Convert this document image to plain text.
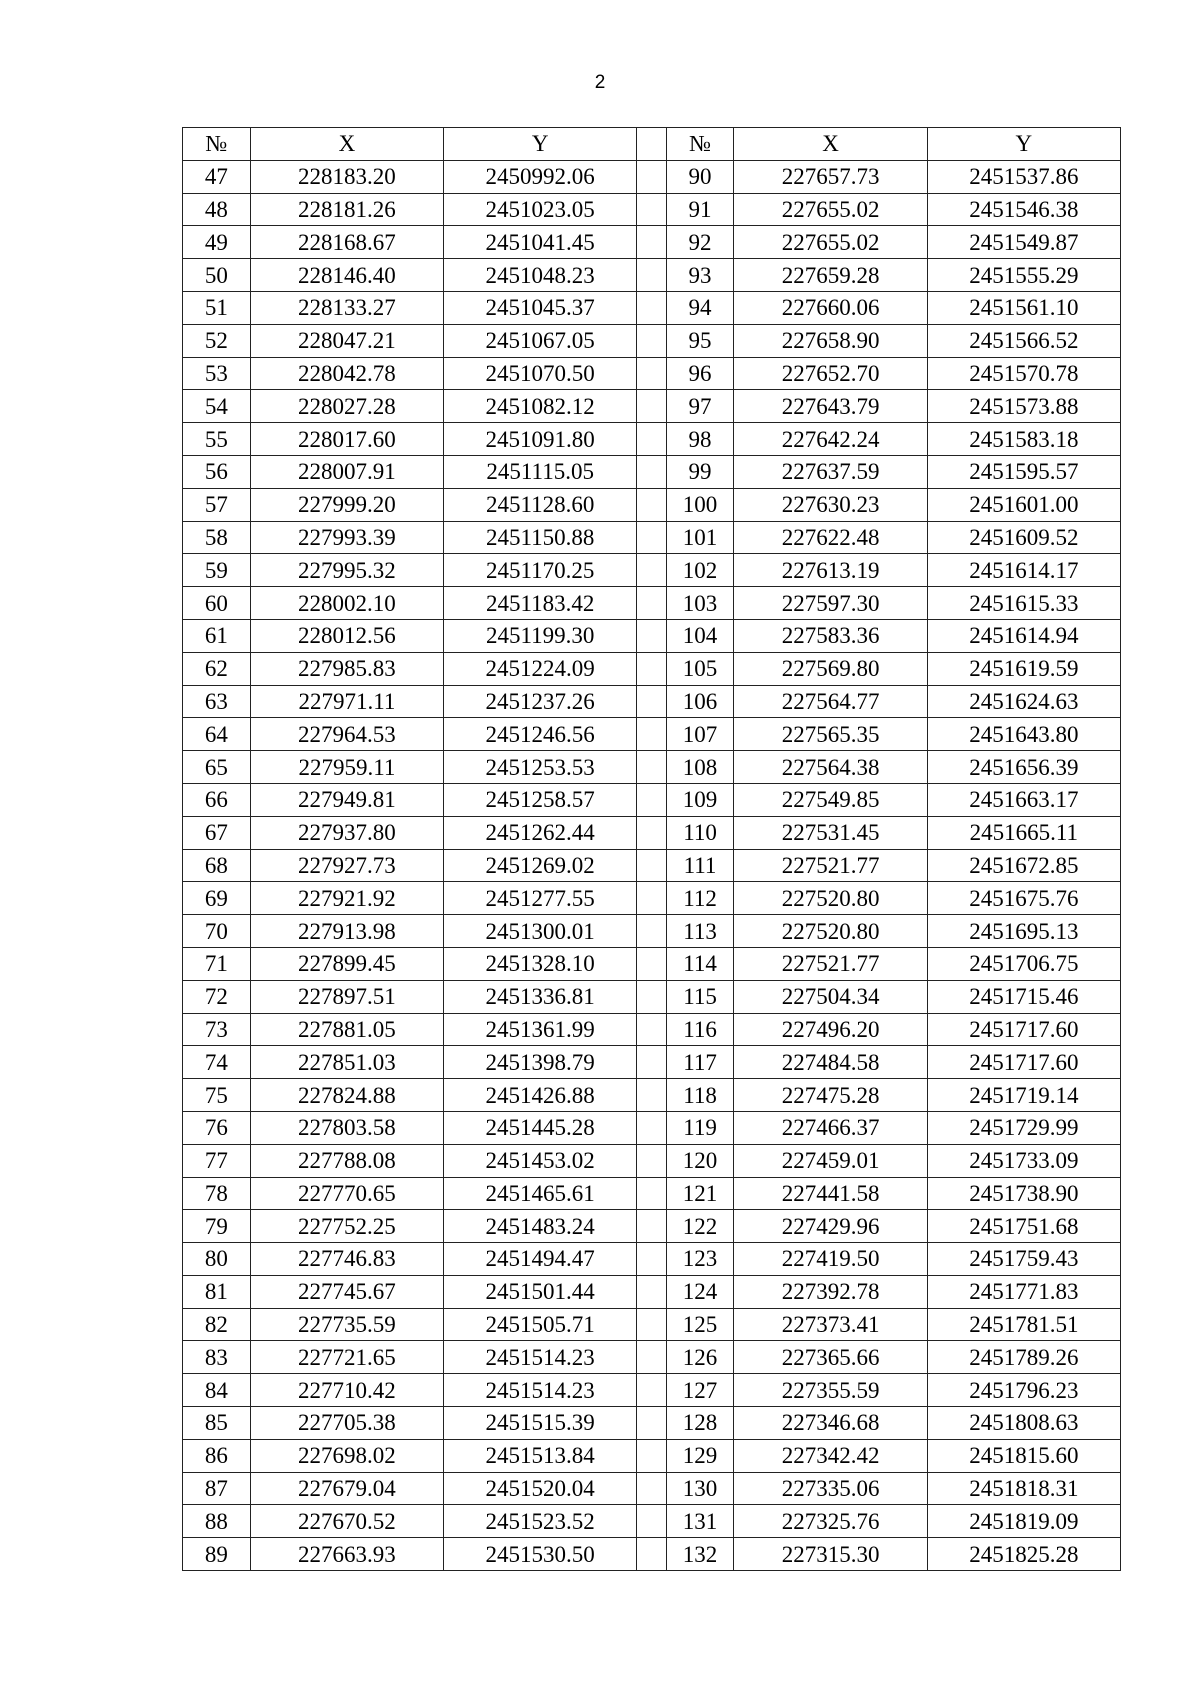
2
№	X	Y		№	X	Y
47	228183.20	2450992.06		90	227657.73	2451537.86
48	228181.26	2451023.05		91	227655.02	2451546.38
49	228168.67	2451041.45		92	227655.02	2451549.87
50	228146.40	2451048.23		93	227659.28	2451555.29
51	228133.27	2451045.37		94	227660.06	2451561.10
52	228047.21	2451067.05		95	227658.90	2451566.52
53	228042.78	2451070.50		96	227652.70	2451570.78
54	228027.28	2451082.12		97	227643.79	2451573.88
55	228017.60	2451091.80		98	227642.24	2451583.18
56	228007.91	2451115.05		99	227637.59	2451595.57
57	227999.20	2451128.60		100	227630.23	2451601.00
58	227993.39	2451150.88		101	227622.48	2451609.52
59	227995.32	2451170.25		102	227613.19	2451614.17
60	228002.10	2451183.42		103	227597.30	2451615.33
61	228012.56	2451199.30		104	227583.36	2451614.94
62	227985.83	2451224.09		105	227569.80	2451619.59
63	227971.11	2451237.26		106	227564.77	2451624.63
64	227964.53	2451246.56		107	227565.35	2451643.80
65	227959.11	2451253.53		108	227564.38	2451656.39
66	227949.81	2451258.57		109	227549.85	2451663.17
67	227937.80	2451262.44		110	227531.45	2451665.11
68	227927.73	2451269.02		111	227521.77	2451672.85
69	227921.92	2451277.55		112	227520.80	2451675.76
70	227913.98	2451300.01		113	227520.80	2451695.13
71	227899.45	2451328.10		114	227521.77	2451706.75
72	227897.51	2451336.81		115	227504.34	2451715.46
73	227881.05	2451361.99		116	227496.20	2451717.60
74	227851.03	2451398.79		117	227484.58	2451717.60
75	227824.88	2451426.88		118	227475.28	2451719.14
76	227803.58	2451445.28		119	227466.37	2451729.99
77	227788.08	2451453.02		120	227459.01	2451733.09
78	227770.65	2451465.61		121	227441.58	2451738.90
79	227752.25	2451483.24		122	227429.96	2451751.68
80	227746.83	2451494.47		123	227419.50	2451759.43
81	227745.67	2451501.44		124	227392.78	2451771.83
82	227735.59	2451505.71		125	227373.41	2451781.51
83	227721.65	2451514.23		126	227365.66	2451789.26
84	227710.42	2451514.23		127	227355.59	2451796.23
85	227705.38	2451515.39		128	227346.68	2451808.63
86	227698.02	2451513.84		129	227342.42	2451815.60
87	227679.04	2451520.04		130	227335.06	2451818.31
88	227670.52	2451523.52		131	227325.76	2451819.09
89	227663.93	2451530.50		132	227315.30	2451825.28
